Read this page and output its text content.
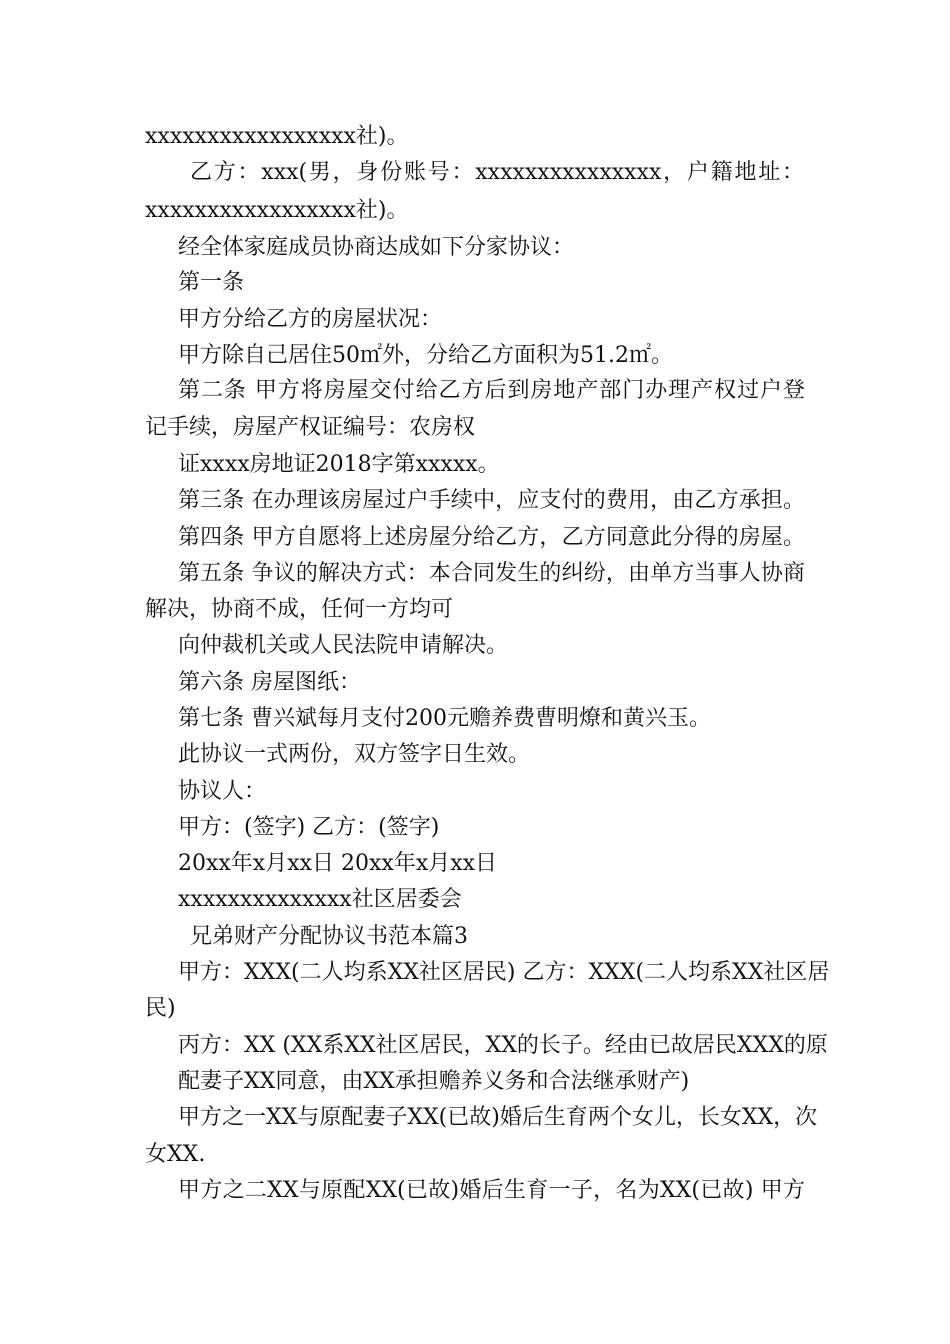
xxxxxxxxxxxxxxxxx社)。
乙方：xxx(男，身份账号：xxxxxxxxxxxxxxx，户籍地址：
xxxxxxxxxxxxxxxxx社)。
经全体家庭成员协商达成如下分家协议：
第一条
甲方分给乙方的房屋状况：
甲方除自己居住50㎡外，分给乙方面积为51.2㎡。
第二条 甲方将房屋交付给乙方后到房地产部门办理产权过户登
记手续，房屋产权证编号：农房权
证xxxx房地证2018字第xxxxx。
第三条 在办理该房屋过户手续中，应支付的费用，由乙方承担。
第四条 甲方自愿将上述房屋分给乙方，乙方同意此分得的房屋。
第五条 争议的解决方式：本合同发生的纠纷，由单方当事人协商
解决，协商不成，任何一方均可
向仲裁机关或人民法院申请解决。
第六条 房屋图纸：
第七条 曹兴斌每月支付200元赡养费曹明燎和黄兴玉。
此协议一式两份，双方签字日生效。
协议人：
甲方：(签字) 乙方：(签字)
20xx年x月xx日 20xx年x月xx日
xxxxxxxxxxxxxx社区居委会
兄弟财产分配协议书范本篇3
甲方：XXX(二人均系XX社区居民) 乙方：XXX(二人均系XX社区居
民)
丙方：XX (XX系XX社区居民，XX的长子。经由已故居民XXX的原
配妻子XX同意，由XX承担赡养义务和合法继承财产)
甲方之一XX与原配妻子XX(已故)婚后生育两个女儿，长女XX，次
女XX.
甲方之二XX与原配XX(已故)婚后生育一子，名为XX(已故) 甲方
